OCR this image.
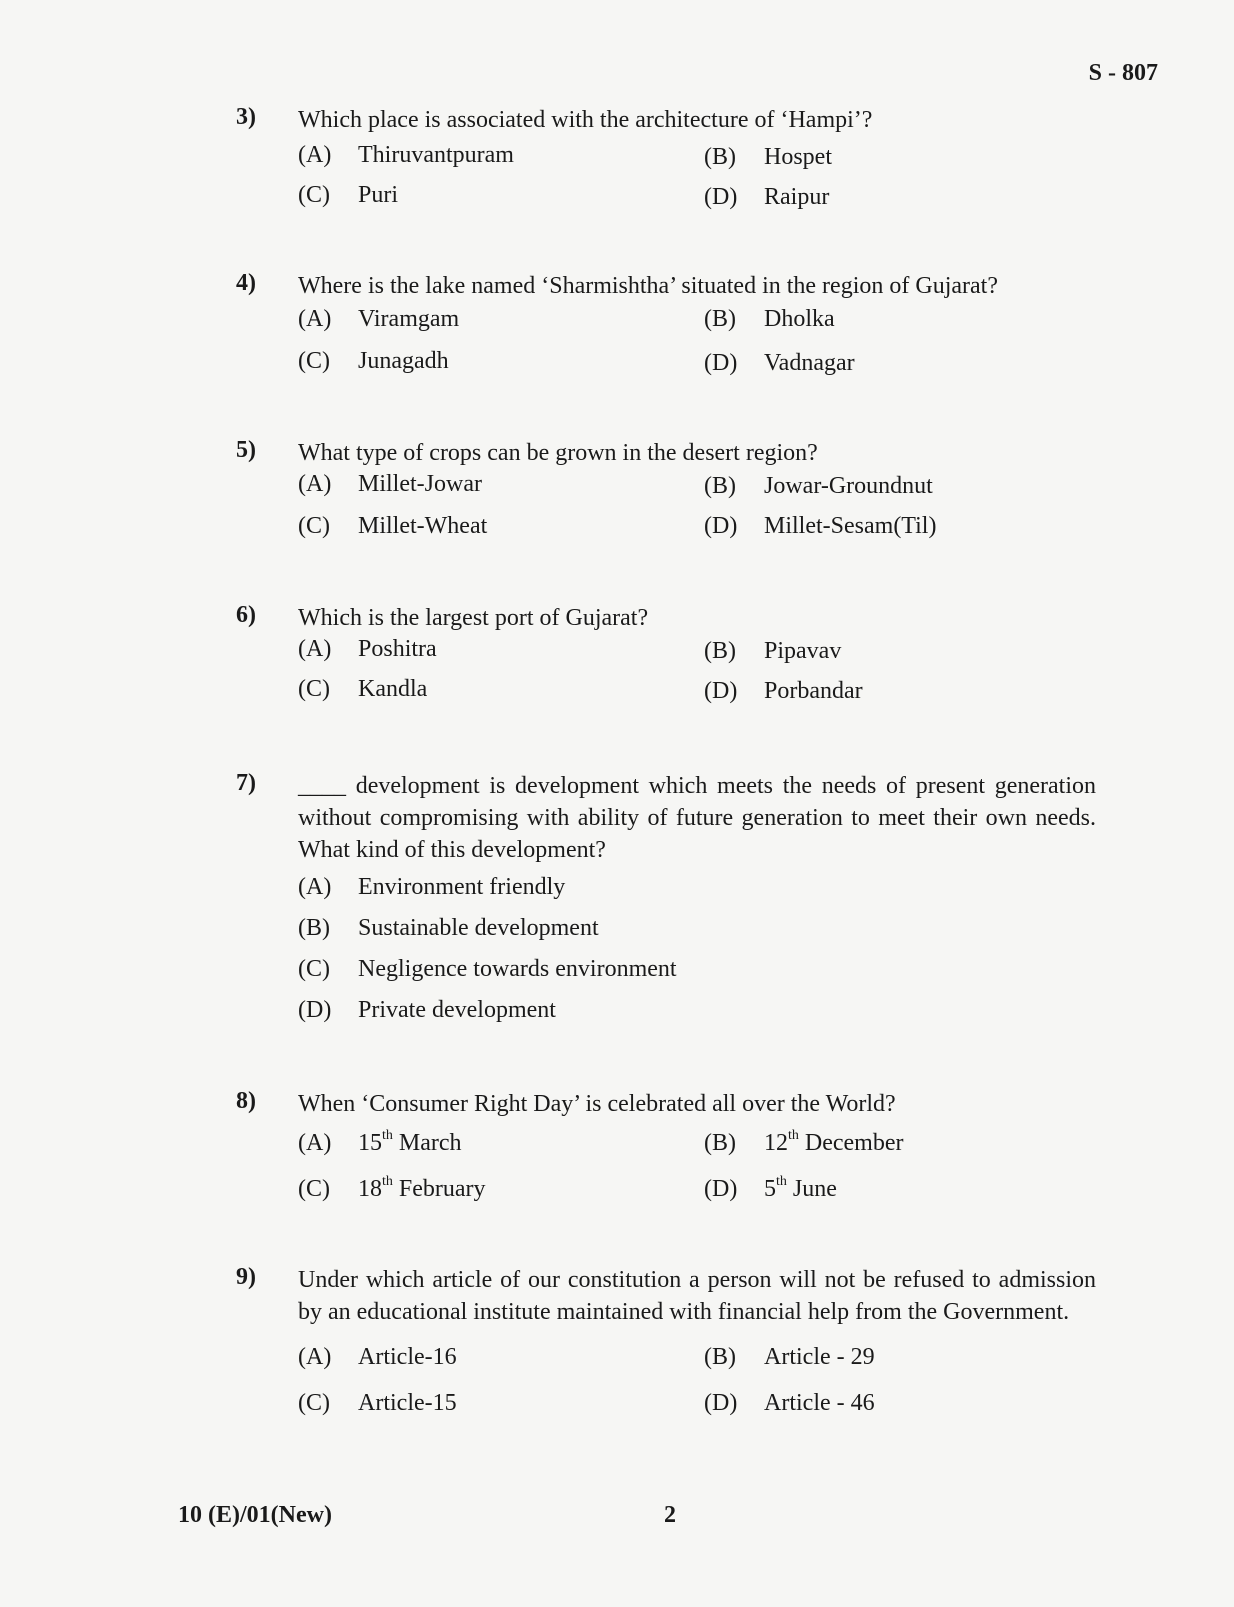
S - 807
3) Which place is associated with the architecture of ‘Hampi’?
(A) Thiruvantpuram	(B) Hospet
(C) Puri	(D) Raipur
4) Where is the lake named ‘Sharmishtha’ situated in the region of Gujarat?
(A) Viramgam	(B) Dholka
(C) Junagadh	(D) Vadnagar
5) What type of crops can be grown in the desert region?
(A) Millet-Jowar	(B) Jowar-Groundnut
(C) Millet-Wheat	(D) Millet-Sesam(Til)
6) Which is the largest port of Gujarat?
(A) Poshitra	(B) Pipavav
(C) Kandla	(D) Porbandar
7) ____ development is development which meets the needs of present generation without compromising with ability of future generation to meet their own needs. What kind of this development?
(A) Environment friendly
(B) Sustainable development
(C) Negligence towards environment
(D) Private development
8) When ‘Consumer Right Day’ is celebrated all over the World?
(A) 15th March	(B) 12th December
(C) 18th February	(D) 5th June
9) Under which article of our constitution a person will not be refused to admission by an educational institute maintained with financial help from the Government.
(A) Article-16	(B) Article - 29
(C) Article-15	(D) Article - 46
10 (E)/01(New)	2
